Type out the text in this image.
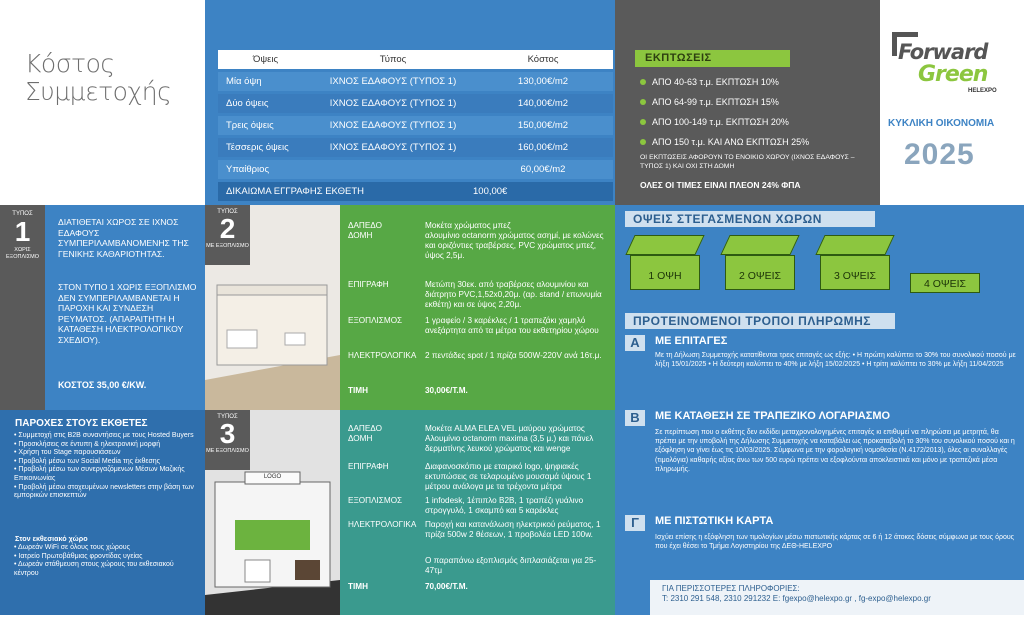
Κόστος
Συμμετοχής
Όψεις	Τύπος	Κόστος
Μία όψη	ΙΧΝΟΣ ΕΔΑΦΟΥΣ (ΤΥΠΟΣ 1)	130,00€/m2
Δύο όψεις	ΙΧΝΟΣ ΕΔΑΦΟΥΣ (ΤΥΠΟΣ 1)	140,00€/m2
Τρεις όψεις	ΙΧΝΟΣ ΕΔΑΦΟΥΣ (ΤΥΠΟΣ 1)	150,00€/m2
Τέσσερις όψεις	ΙΧΝΟΣ ΕΔΑΦΟΥΣ (ΤΥΠΟΣ 1)	160,00€/m2
Υπαίθριος		60,00€/m2
ΔΙΚΑΙΩΜΑ ΕΓΓΡΑΦΗΣ ΕΚΘΕΤΗ		100,00€
ΕΚΠΤΩΣΕΙΣ
ΑΠΟ 40-63 τ.μ. ΕΚΠΤΩΣΗ 10%
ΑΠΟ 64-99 τ.μ. ΕΚΠΤΩΣΗ 15%
ΑΠΟ 100-149 τ.μ. ΕΚΠΤΩΣΗ 20%
ΑΠΟ 150 τ.μ. ΚΑΙ ΑΝΩ ΕΚΠΤΩΣΗ 25%
ΟΙ ΕΚΠΤΩΣΕΙΣ ΑΦΟΡΟΥΝ ΤΟ ΕΝΟΙΚΙΟ ΧΩΡΟΥ (ΙΧΝΟΣ ΕΔΑΦΟΥΣ –ΤΥΠΟΣ 1) ΚΑΙ ΟΧΙ ΣΤΗ ΔΟΜΗ
ΟΛΕΣ ΟΙ ΤΙΜΕΣ ΕΙΝΑΙ ΠΛΕΟΝ 24% ΦΠΑ
Forward
Green
HELEXPO
ΚΥΚΛΙΚΗ ΟΙΚΟΝΟΜΙΑ
2025
ΤΥΠΟΣ
1
ΧΩΡΙΣ ΕΞΟΠΛΙΣΜΟ
ΔΙΑΤΙΘΕΤΑΙ ΧΩΡΟΣ ΣΕ ΙΧΝΟΣ ΕΔΑΦΟΥΣ ΣΥΜΠΕΡΙΛΑΜΒΑΝΟΜΕΝΗΣ ΤΗΣ ΓΕΝΙΚΗΣ ΚΑΘΑΡΙΟΤΗΤΑΣ.
ΣΤΟΝ ΤΥΠΟ 1 ΧΩΡΙΣ ΕΞΟΠΛΙΣΜΟ ΔΕΝ ΣΥΜΠΕΡΙΛΑΜΒΑΝΕΤΑΙ Η ΠΑΡΟΧΗ ΚΑΙ ΣΥΝΔΕΣΗ ΡΕΥΜΑΤΟΣ. (ΑΠΑΡΑΙΤΗΤΗ Η ΚΑΤΑΘΕΣΗ ΗΛΕΚΤΡΟΛΟΓΙΚΟΥ ΣΧΕΔΙΟΥ).
ΚΟΣΤΟΣ 35,00 €/KW.
ΤΥΠΟΣ
2
ΜΕ ΕΞΟΠΛΙΣΜΟ
ΔΑΠΕΔΟ	Μοκέτα χρώματος μπεζ
ΔΟΜΗ	αλουμίνιο octanorm χρώματος ασημί, με κολώνες και οριζόντιες τραβέρσες, PVC χρώματος μπεζ, ύψος 2,5μ.
ΕΠΙΓΡΑΦΗ	Μετώπη 30εκ. από τραβέρσες αλουμινίου και διάτρητο PVC,1,52x0,20μ. (αρ. stand / επωνυμία εκθέτη) και σε ύψος 2,20μ.
ΕΞΟΠΛΙΣΜΟΣ	1 γραφείο / 3 καρέκλες / 1 τραπεζάκι χαμηλό ανεξάρτητα από τα μέτρα του εκθετηρίου χώρου
ΗΛΕΚΤΡΟΛΟΓΙΚΑ	2 πεντάδες spot / 1 πρίζα 500W-220V ανά 16τ.μ.
ΤΙΜΗ	30,00€/Τ.Μ.
ΠΑΡΟΧΕΣ ΣΤΟΥΣ ΕΚΘΕΤΕΣ
• Συμμετοχή στις B2B συναντήσεις με τους Hosted Buyers
• Προσκλήσεις σε έντυπη & ηλεκτρονική μορφή
• Χρήση του Stage παρουσιάσεων
• Προβολή μέσω των Social Media της έκθεσης
• Προβολή μέσω των συνεργαζόμενων Μέσων Μαζικής Επικοινωνίας
• Προβολή μέσω στοχευμένων newsletters στην βάση των εμπορικών επισκεπτών
Στον εκθεσιακό χώρο
• Δωρεάν WiFi σε όλους τους χώρους
• Ιατρείο Πρωτοβάθμιας φροντίδας υγείας
• Δωρεάν στάθμευση στους χώρους του εκθεσιακού κέντρου
LOGO
ΤΥΠΟΣ
3
ΜΕ ΕΞΟΠΛΙΣΜΟ
ΔΑΠΕΔΟ	Μοκέτα ALMA ELEA VEL μαύρου χρώματος
ΔΟΜΗ	Αλουμίνιο octanorm maxima (3,5 μ.) και πάνελ δερματίνης λευκού χρώματος και wenge
ΕΠΙΓΡΑΦΗ	Διαφανοσκόπιο με εταιρικό logo, ψηφιακές εκτυπώσεις σε τελαρωμένο μουσαμά ύψους 1 μέτρου ανάλογα με τα τρέχοντα μέτρα
ΕΞΟΠΛΙΣΜΟΣ	1 infodesk, 1έπιπλο B2B, 1 τραπέζι γυάλινο στρογγυλό, 1 σκαμπό και 5 καρέκλες
ΗΛΕΚΤΡΟΛΟΓΙΚΑ	Παροχή και κατανάλωση ηλεκτρικού ρεύματος, 1 πρίζα 500w 2 θέσεων, 1 προβολέα LED 100w.
Ο παραπάνω εξοπλισμός διπλασιάζεται για 25-47τμ
ΤΙΜΗ	70,00€/Τ.Μ.
ΟΨΕΙΣ ΣΤΕΓΑΣΜΕΝΩΝ ΧΩΡΩΝ
1 ΟΨΗ	2 ΟΨΕΙΣ	3 ΟΨΕΙΣ
4 ΟΨΕΙΣ
ΠΡΟΤΕΙΝΟΜΕΝΟΙ ΤΡΟΠΟΙ ΠΛΗΡΩΜΗΣ
A	ΜΕ ΕΠΙΤΑΓΕΣ
Με τη Δήλωση Συμμετοχής κατατίθενται τρεις επιταγές ως εξής: • Η πρώτη καλύπτει το 30% του συνολικού ποσού με λήξη 15/01/2025 • Η δεύτερη καλύπτει το 40% με λήξη 15/02/2025 • Η τρίτη καλύπτει το 30% με λήξη 11/04/2025
B	ΜΕ ΚΑΤΑΘΕΣΗ ΣΕ ΤΡΑΠΕΖΙΚΟ ΛΟΓΑΡΙΑΣΜΟ
Σε περίπτωση που ο εκθέτης δεν εκδίδει μεταχρονολογημένες επιταγές κι επιθυμεί να πληρώσει με μετρητά, θα πρέπει με την υποβολή της Δήλωσης Συμμετοχής να καταβάλει ως προκαταβολή το 30% του συνολικού ποσού και η εξόφληση να γίνει έως τις 10/03/2025. Σύμφωνα με την φορολογική νομοθεσία (Ν.4172/2013), όλες οι συναλλαγές (τιμολόγια) καθαρής αξίας άνω των 500 ευρώ πρέπει να εξοφλούνται αποκλειστικά και μόνο με τραπεζικά μέσα πληρωμής.
Γ	ΜΕ ΠΙΣΤΩΤΙΚΗ ΚΑΡΤΑ
Ισχύει επίσης η εξόφληση των τιμολογίων μέσω πιστωτικής κάρτας σε 6 ή 12 άτοκες δόσεις σύμφωνα με τους όρους που έχει θέσει το Τμήμα Λογιστηρίου της ΔΕΘ-HELEXPO
ΓΙΑ ΠΕΡΙΣΣΟΤΕΡΕΣ ΠΛΗΡΟΦΟΡΙΕΣ:
Τ: 2310 291 548, 2310 291232 E: fgexpo@helexpo.gr , fg-expo@helexpo.gr
